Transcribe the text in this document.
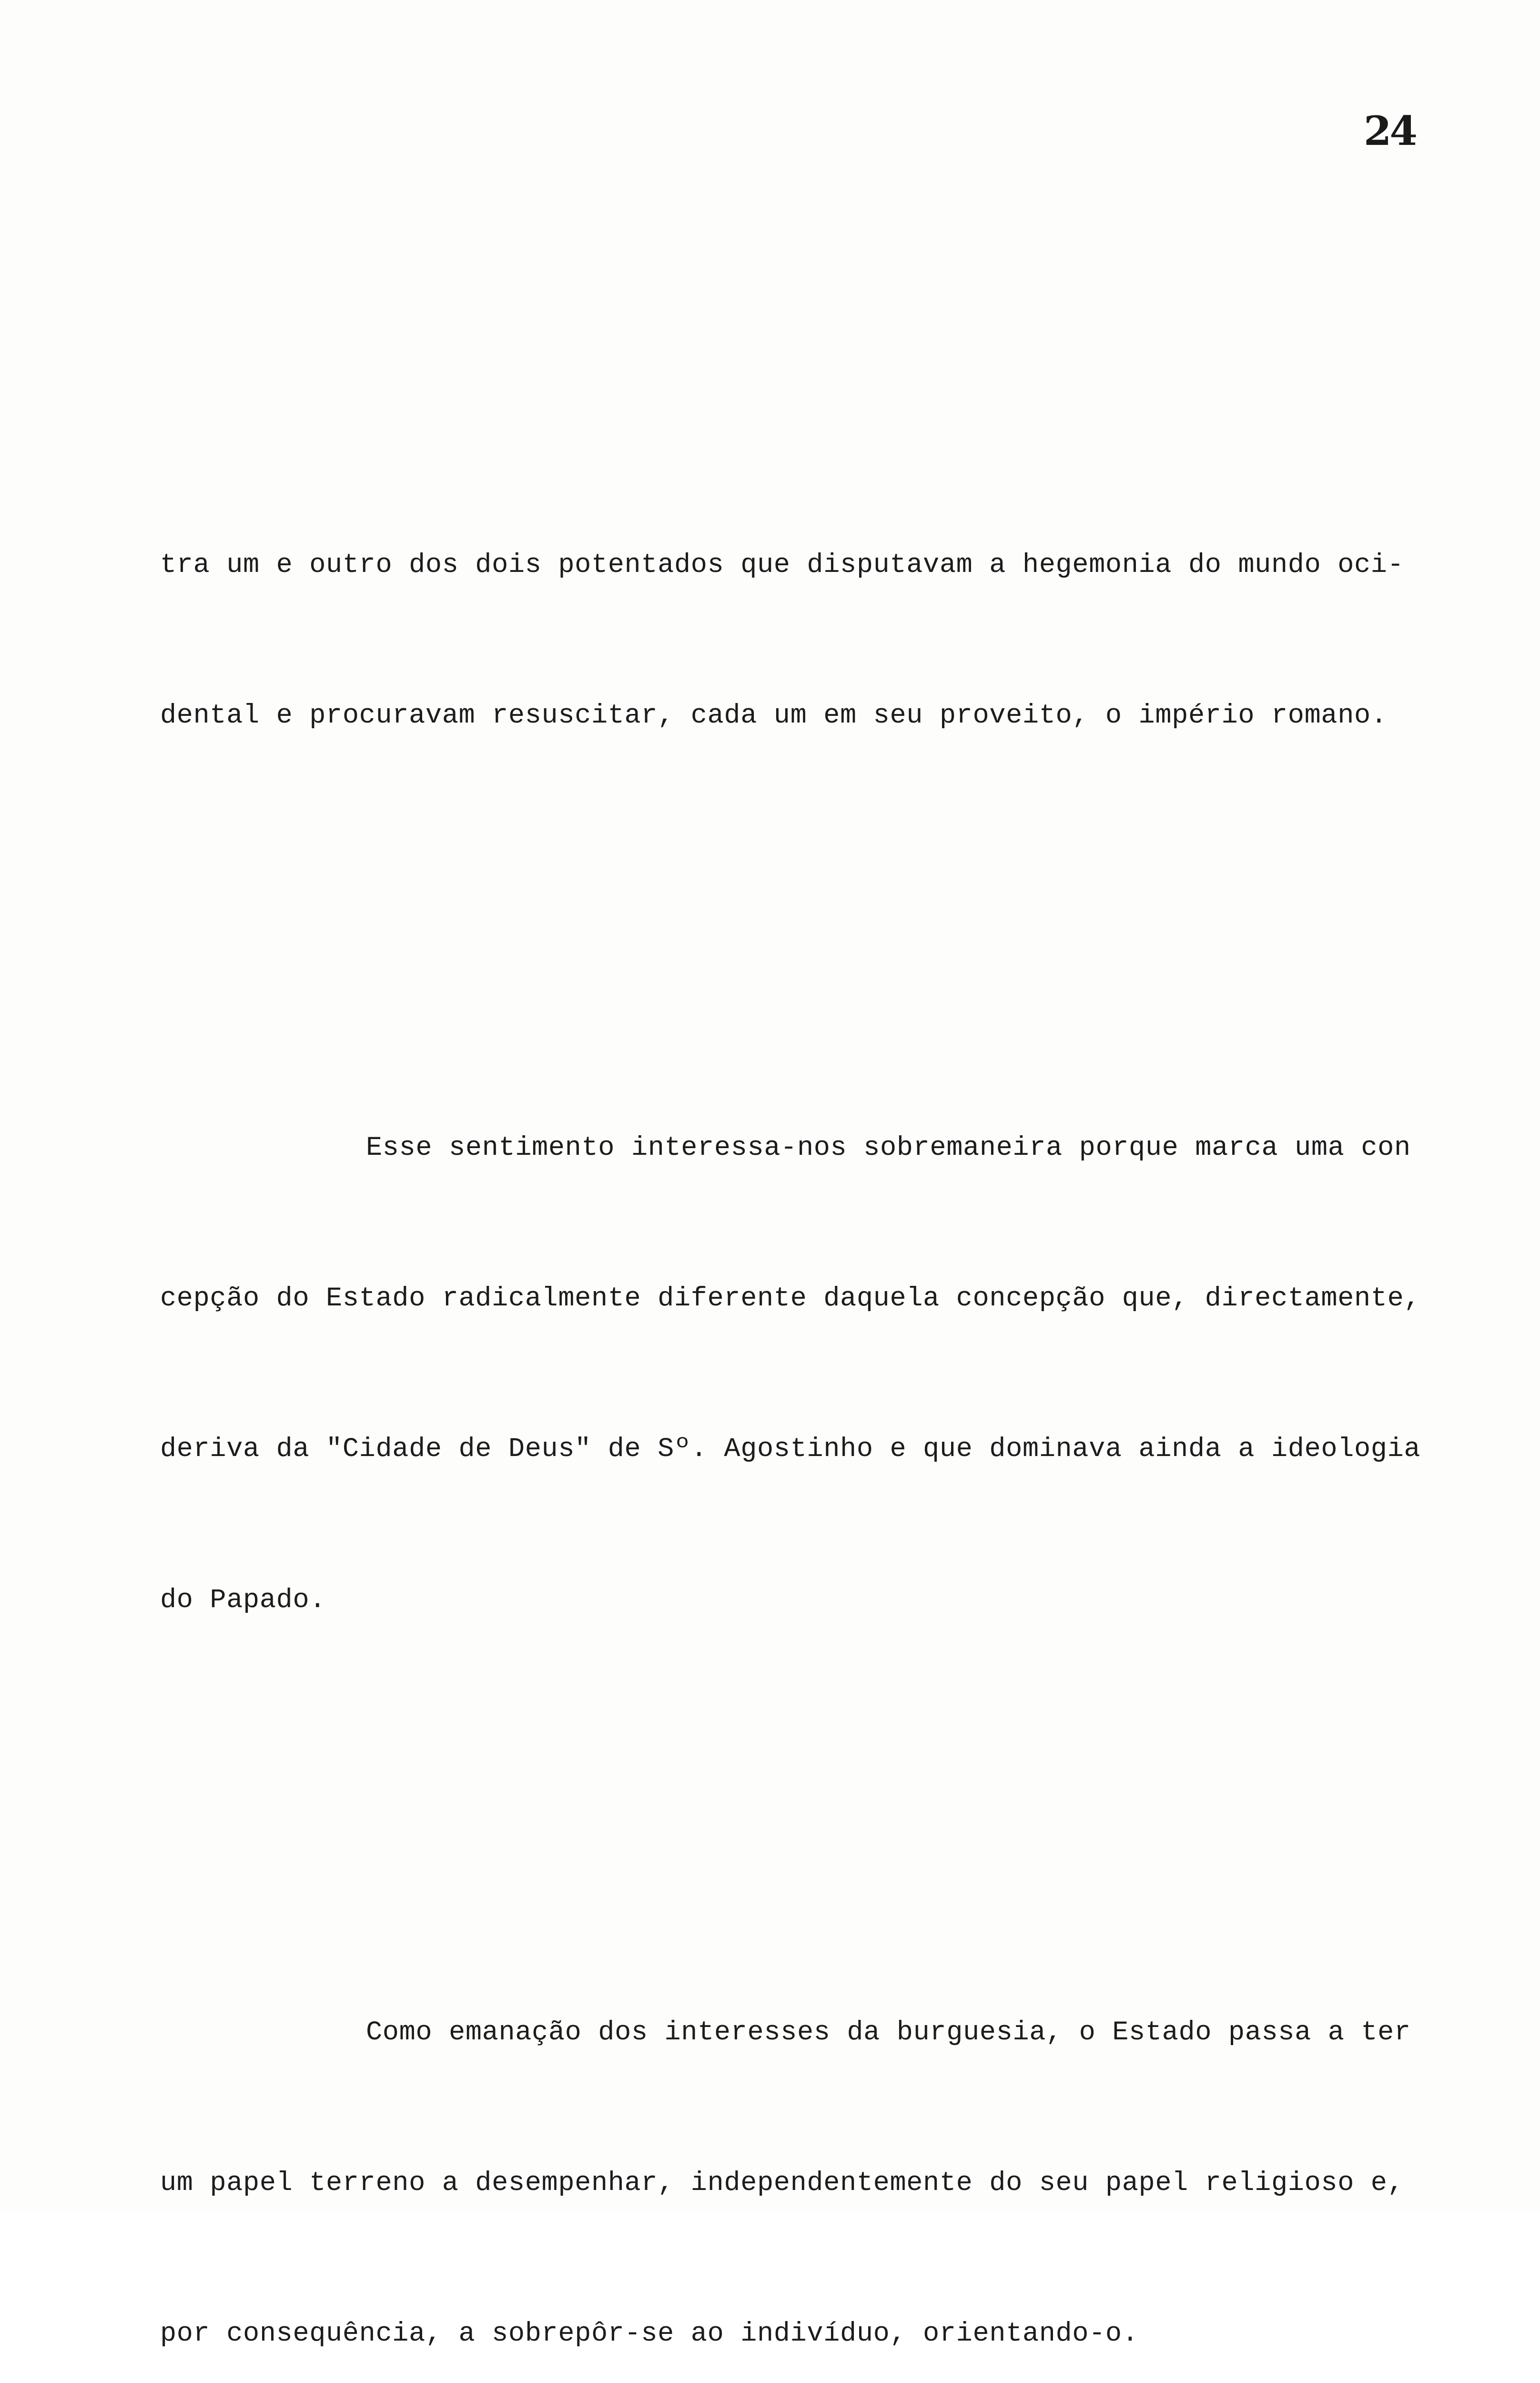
24

tra um e outro dos dois potentados que disputavam a hegemonia do mundo oci-

dental e procuravam resuscitar, cada um em seu proveito, o império romano.

Esse sentimento interessa-nos sobremaneira porque marca uma con

cepção do Estado radicalmente diferente daquela concepção que, directamente,

deriva da "Cidade de Deus" de Sº. Agostinho e que dominava ainda a ideologia

do Papado.

Como emanação dos interesses da burguesia, o Estado passa a ter

um papel terreno a desempenhar, independentemente do seu papel religioso e,

por consequência, a sobrepôr-se ao indivíduo, orientando-o.
